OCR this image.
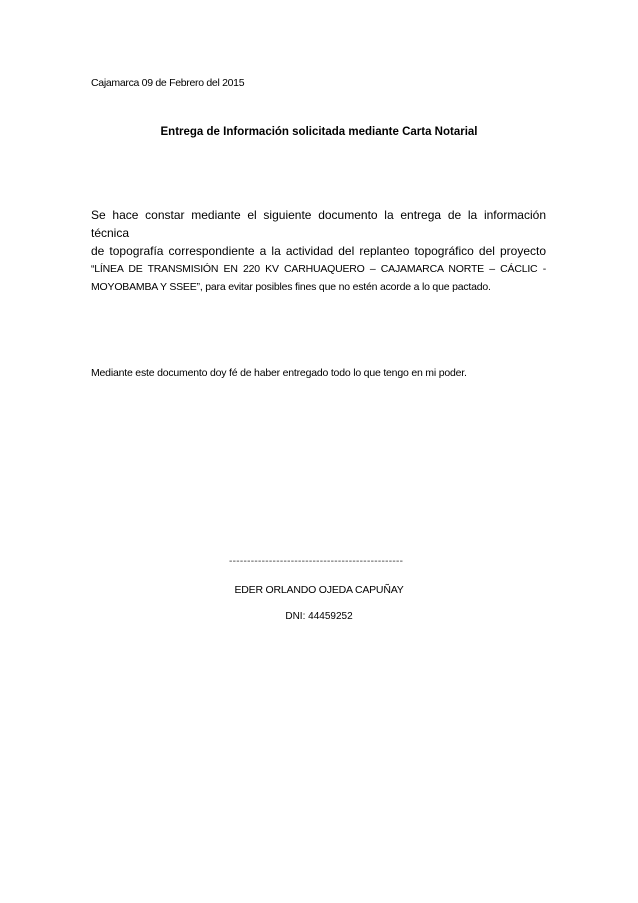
Cajamarca 09 de Febrero del 2015
Entrega de Información solicitada mediante Carta Notarial
Se hace constar mediante el siguiente documento la entrega de la información técnica
de topografía correspondiente a la actividad del replanteo topográfico del proyecto
“LÍNEA DE TRANSMISIÓN EN 220 KV CARHUAQUERO – CAJAMARCA NORTE – CÁCLIC -
MOYOBAMBA Y SSEE”, para evitar posibles fines que no estén acorde a lo que pactado.
Mediante este documento doy fé de haber entregado todo lo que tengo en mi poder.
------------------------------------------------
EDER ORLANDO OJEDA CAPUÑAY
DNI: 44459252
